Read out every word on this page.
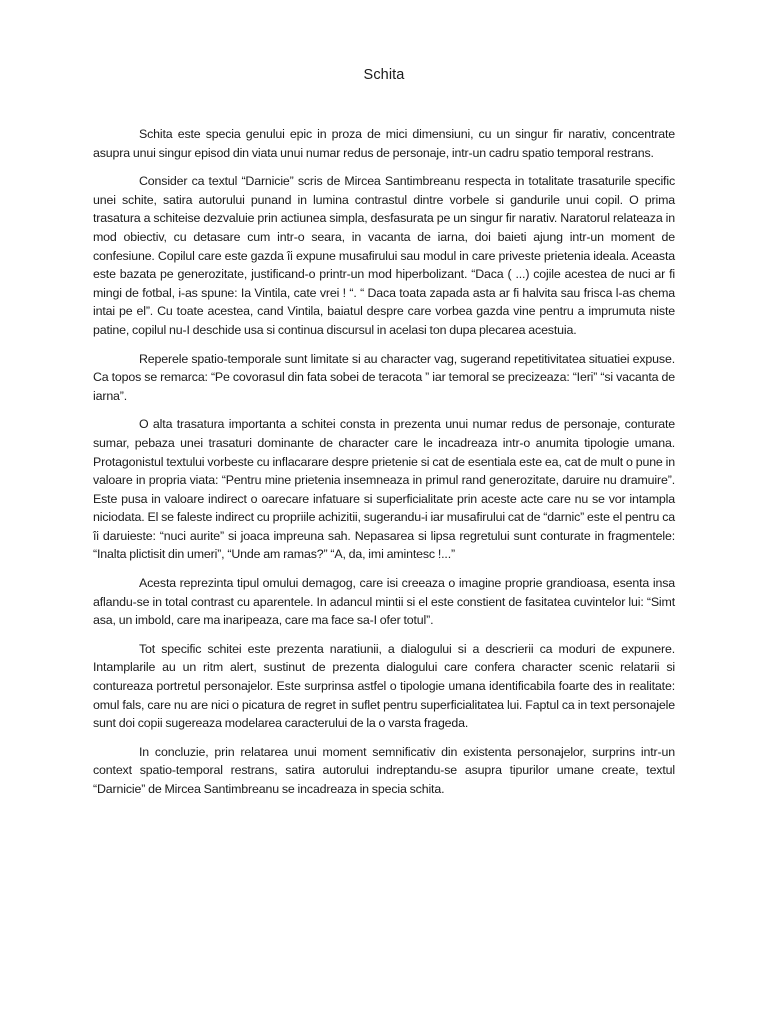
Schita

Schita este specia genului epic in proza de mici dimensiuni, cu un singur fir narativ, concentrate asupra unui singur episod din viata unui numar redus de personaje, intr-un cadru spatio temporal restrans.

Consider ca textul “Darnicie” scris de Mircea Santimbreanu respecta in totalitate trasaturile specific unei schite, satira autorului punand in lumina contrastul dintre vorbele si gandurile unui copil. O prima trasatura a schiteise dezvaluie prin actiunea simpla, desfasurata pe un singur fir narativ. Naratorul relateaza in mod obiectiv, cu detasare cum intr-o seara, in vacanta de iarna, doi baieti ajung intr-un moment de confesiune. Copilul care este gazda îi expune musafirului sau modul in care priveste prietenia ideala. Aceasta este bazata pe generozitate, justificand-o printr-un mod hiperbolizant. “Daca ( ...) cojile acestea de nuci ar fi mingi de fotbal, i-as spune: Ia Vintila, cate vrei ! “. “ Daca toata zapada asta ar fi halvita sau frisca l-as chema intai pe el”. Cu toate acestea, cand Vintila, baiatul despre care vorbea gazda vine pentru a imprumuta niste patine, copilul nu-I deschide usa si continua discursul in acelasi ton dupa plecarea acestuia.

Reperele spatio-temporale sunt limitate si au character vag, sugerand repetitivitatea situatiei expuse. Ca topos se remarca: “Pe covorasul din fata sobei de teracota ” iar temoral se precizeaza: “Ieri” “si vacanta de iarna”.

O alta trasatura importanta a schitei consta in prezenta unui numar redus de personaje, conturate sumar, pebaza unei trasaturi dominante de character care le incadreaza intr-o anumita tipologie umana. Protagonistul textului vorbeste cu inflacarare despre prietenie si cat de esentiala este ea, cat de mult o pune in valoare in propria viata: “Pentru mine prietenia insemneaza in primul rand generozitate, daruire nu dramuire”. Este pusa in valoare indirect o oarecare infatuare si superficialitate prin aceste acte care nu se vor intampla niciodata. El se faleste indirect cu propriile achizitii, sugerandu-i iar musafirului cat de “darnic” este el pentru ca îi daruieste: “nuci aurite” si joaca impreuna sah. Nepasarea si lipsa regretului sunt conturate in fragmentele: “Inalta plictisit din umeri”, “Unde am ramas?” “A, da, imi amintesc !...”

Acesta reprezinta tipul omului demagog, care isi creeaza o imagine proprie grandioasa, esenta insa aflandu-se in total contrast cu aparentele. In adancul mintii si el este constient de fasitatea cuvintelor lui: “Simt asa, un imbold, care ma inaripeaza, care ma face sa-I ofer totul”.

Tot specific schitei este prezenta naratiunii, a dialogului si a descrierii ca moduri de expunere. Intamplarile au un ritm alert, sustinut de prezenta dialogului care confera character scenic relatarii si contureaza portretul personajelor. Este surprinsa astfel o tipologie umana identificabila foarte des in realitate: omul fals, care nu are nici o picatura de regret in suflet pentru superficialitatea lui. Faptul ca in text personajele sunt doi copii sugereaza modelarea caracterului de la o varsta frageda.

In concluzie, prin relatarea unui moment semnificativ din existenta personajelor, surprins intr-un context spatio-temporal restrans, satira autorului indreptandu-se asupra tipurilor umane create, textul “Darnicie” de Mircea Santimbreanu se incadreaza in specia schita.
